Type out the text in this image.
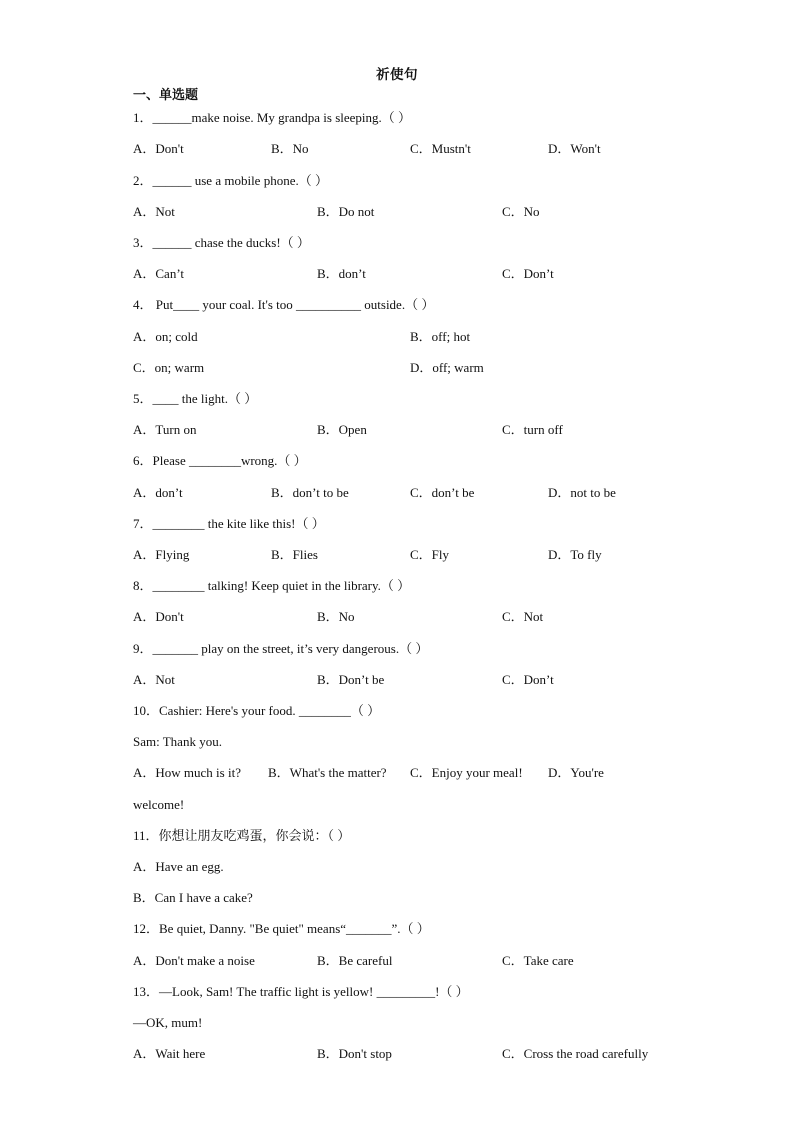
祈使句
一、单选题
1．______make noise. My grandpa is sleeping.（ ）
A．Don't	B．No	C．Mustn't	D．Won't
2．______ use a mobile phone.（ ）
A．Not	B．Do not	C．No
3．______ chase the ducks!（ ）
A．Can’t	B．don’t	C．Don’t
4． Put____ your coal. It's too __________ outside.（ ）
A．on; cold	B．off; hot
C．on; warm	D．off; warm
5．____ the light.（ ）
A．Turn on	B．Open	C．turn off
6．Please ________wrong.（ ）
A．don’t	B．don’t to be	C．don’t be	D．not to be
7．________ the kite like this!（ ）
A．Flying	B．Flies	C．Fly	D．To fly
8．________ talking! Keep quiet in the library.（ ）
A．Don't	B．No	C．Not
9．_______ play on the street, it’s very dangerous.（ ）
A．Not	B．Don’t be	C．Don’t
10．Cashier: Here's your food. ________（ ）
Sam: Thank you.
A．How much is it? B．What's the matter? C．Enjoy your meal! D．You're
welcome!
11．你想让朋友吃鸡蛋，你会说：（ ）
A．Have an egg.
B．Can I have a cake?
12．Be quiet, Danny. "Be quiet" means“_______”.（ ）
A．Don't make a noise	B．Be careful	C．Take care
13．—Look, Sam! The traffic light is yellow! _________!（ ）
—OK, mum!
A．Wait here	B．Don't stop	C．Cross the road carefully
